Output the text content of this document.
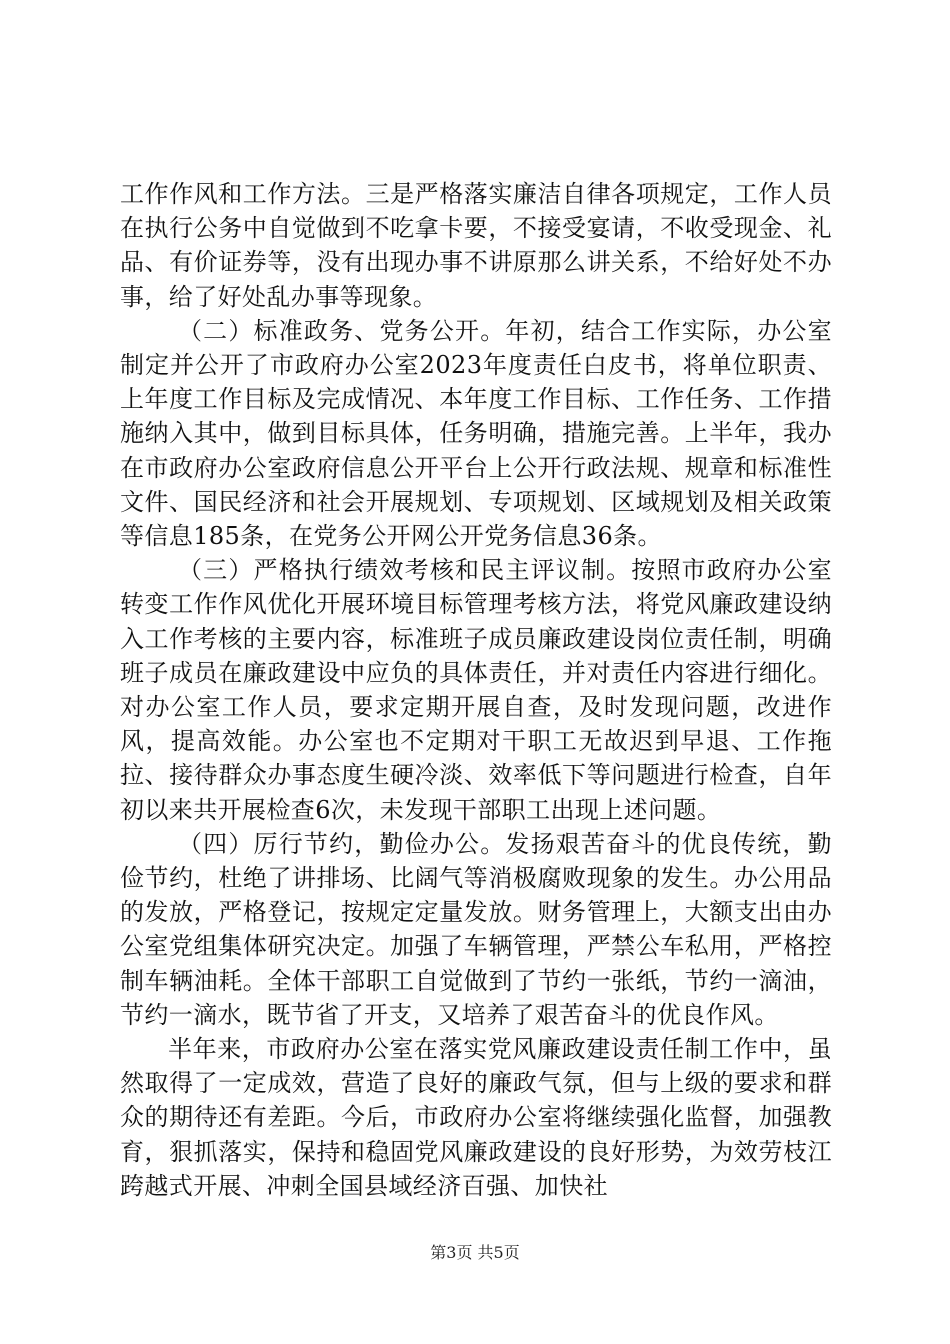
工作作风和工作方法。三是严格落实廉洁自律各项规定，工作人员在执行公务中自觉做到不吃拿卡要，不接受宴请，不收受现金、礼品、有价证券等，没有出现办事不讲原那么讲关系，不给好处不办事，给了好处乱办事等现象。

（二）标准政务、党务公开。年初，结合工作实际，办公室制定并公开了市政府办公室2023年度责任白皮书，将单位职责、上年度工作目标及完成情况、本年度工作目标、工作任务、工作措施纳入其中，做到目标具体，任务明确，措施完善。上半年，我办在市政府办公室政府信息公开平台上公开行政法规、规章和标准性文件、国民经济和社会开展规划、专项规划、区域规划及相关政策等信息185条，在党务公开网公开党务信息36条。

（三）严格执行绩效考核和民主评议制。按照市政府办公室转变工作作风优化开展环境目标管理考核方法，将党风廉政建设纳入工作考核的主要内容，标准班子成员廉政建设岗位责任制，明确班子成员在廉政建设中应负的具体责任，并对责任内容进行细化。对办公室工作人员，要求定期开展自查，及时发现问题，改进作风，提高效能。办公室也不定期对干职工无故迟到早退、工作拖拉、接待群众办事态度生硬冷淡、效率低下等问题进行检查，自年初以来共开展检查6次，未发现干部职工出现上述问题。

（四）厉行节约，勤俭办公。发扬艰苦奋斗的优良传统，勤俭节约，杜绝了讲排场、比阔气等消极腐败现象的发生。办公用品的发放，严格登记，按规定定量发放。财务管理上，大额支出由办公室党组集体研究决定。加强了车辆管理，严禁公车私用，严格控制车辆油耗。全体干部职工自觉做到了节约一张纸，节约一滴油，节约一滴水，既节省了开支，又培养了艰苦奋斗的优良作风。

半年来，市政府办公室在落实党风廉政建设责任制工作中，虽然取得了一定成效，营造了良好的廉政气氛，但与上级的要求和群众的期待还有差距。今后，市政府办公室将继续强化监督，加强教育，狠抓落实，保持和稳固党风廉政建设的良好形势，为效劳枝江跨越式开展、冲刺全国县域经济百强、加快社

第3页 共5页
